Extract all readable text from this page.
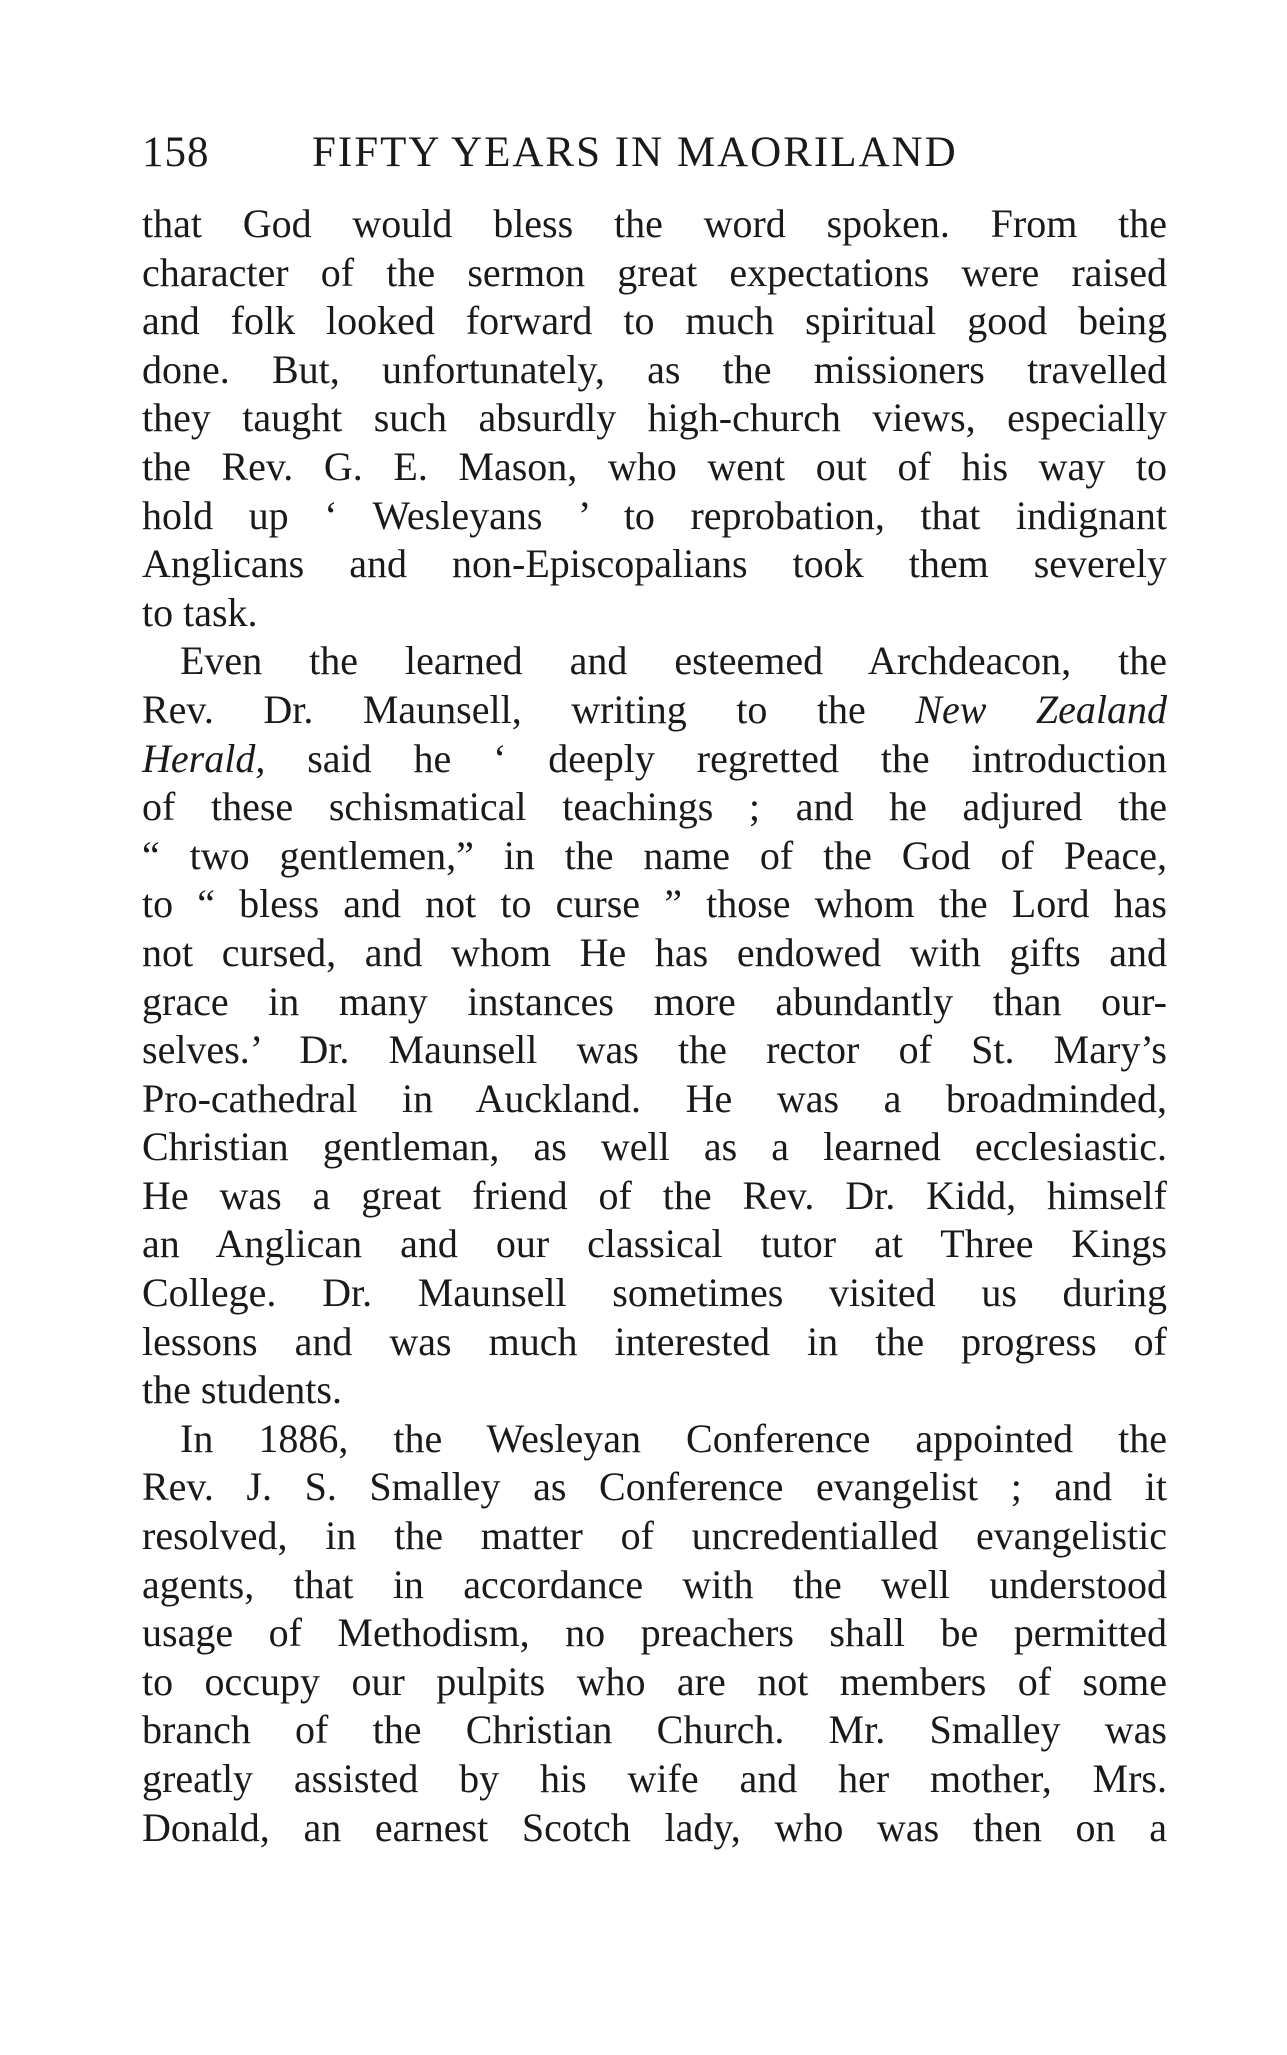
158	FIFTY YEARS IN MAORILAND

that God would bless the word spoken. From the
character of the sermon great expectations were raised
and folk looked forward to much spiritual good being
done. But, unfortunately, as the missioners travelled
they taught such absurdly high-church views, especially
the Rev. G. E. Mason, who went out of his way to
hold up ‘ Wesleyans ’ to reprobation, that indignant
Anglicans and non-Episcopalians took them severely
to task.

Even the learned and esteemed Archdeacon, the
Rev. Dr. Maunsell, writing to the New Zealand
Herald, said he ‘ deeply regretted the introduction
of these schismatical teachings ; and he adjured the
“ two gentlemen,” in the name of the God of Peace,
to “ bless and not to curse ” those whom the Lord has
not cursed, and whom He has endowed with gifts and
grace in many instances more abundantly than our-
selves.’ Dr. Maunsell was the rector of St. Mary’s
Pro-cathedral in Auckland. He was a broadminded,
Christian gentleman, as well as a learned ecclesiastic.
He was a great friend of the Rev. Dr. Kidd, himself
an Anglican and our classical tutor at Three Kings
College. Dr. Maunsell sometimes visited us during
lessons and was much interested in the progress of
the students.

In 1886, the Wesleyan Conference appointed the
Rev. J. S. Smalley as Conference evangelist ; and it
resolved, in the matter of uncredentialled evangelistic
agents, that in accordance with the well understood
usage of Methodism, no preachers shall be permitted
to occupy our pulpits who are not members of some
branch of the Christian Church. Mr. Smalley was
greatly assisted by his wife and her mother, Mrs.
Donald, an earnest Scotch lady, who was then on a
